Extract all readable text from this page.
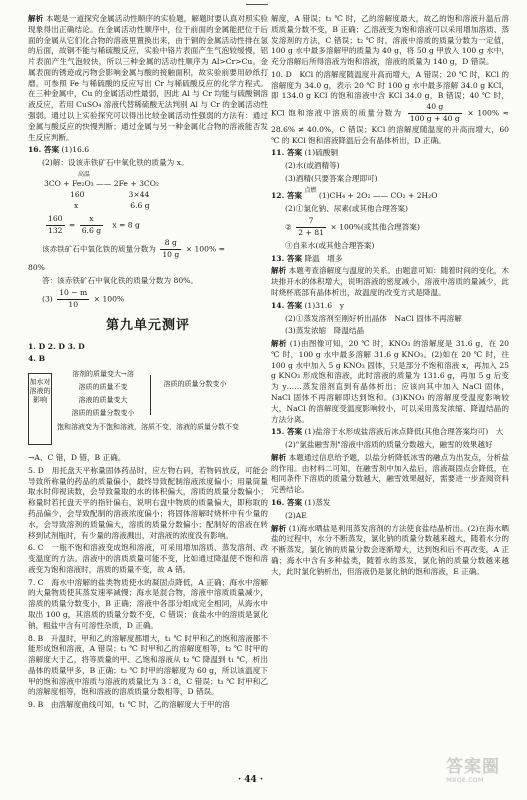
解析 本题是一道探究金属活动性顺序的实验题，解题时要认真对照实验现象得出正确结论。在金属活动性顺序中，位于前面的金属能把位于后面的金属从它们化合物的溶液里置换出来，由于铜的金属活动性排在氢的后面，故铜不能与稀硫酸反应，实验中铬片表面产生气泡较缓慢，铝片表面产生气泡较快，所以三种金属的活动性顺序为 Al>Cr>Cu。金属表面的锈迹或污物会影响金属与酸的接触面积，故实验前要用砂纸打磨。可参照 Fe 与稀硫酸的反应写出 Cr 与稀硫酸反应的化学方程式。在三种金属中，Cu 的金属活动性最弱，因此 Al 与 Cr 均能与硫酸铜溶液反应，若用 CuSO₄ 溶液代替稀硫酸无法判别 Al 与 Cr 的金属活动性强弱。通过以上实验探究可以得出比较金属活动性强弱的方法有：通过金属与酸反应的快慢判断；通过金属与另一种金属化合物的溶液能否发生反应判断。

16. 答案 (1)16.6

(2)解：设该赤铁矿石中氧化铁的质量为 x。

高温
3CO + Fe₂O₃ —— 2Fe + 3CO₂
160	3×44
x	6.6 g
$\frac{160}{132} = \frac{x}{6.6 g}$ x = 8 g

该赤铁矿石中氧化铁的质量分数为 $\frac{8 g}{10 g} \times 100\%$ =

80%

答：该赤铁矿石中氧化铁的质量分数为 80%。

$(3) \frac{10 - m}{10} \times 100\%$

第九单元测评

1. D 2. D 3. D

4. B

加水对溶液的影响
溶剂的质量变大→溶
溶质的质量不变
溶液的质量变大
溶质的质量分数变小
溶质的质量分数变小
饱和溶液变为不饱和溶液，溶质不变，溶液的质量分数不变

→A、C 错，D 错，B 正确。

5. D　用托盘天平称量固体药品时，应左物右码，若物码放反，可能会导致所称量的药品的质量偏小，最终导致配制溶液浓度偏小；用量筒量取水时仰视读数，会导致量取的水的体积偏大，溶质的质量分数偏小；称量时若托盘天平的指针偏右，说明右盘中物质的质量偏大，即称取的药品偏少，会导致配制的溶液浓度偏小；将固体溶解时烧杯中有少量的水，会导致溶剂的质量偏大，溶质的质量分数偏小；配制好的溶液在转移到试剂瓶时，有少量的溶液溅出，对溶液的浓度没有影响。

6. C　一瓶不饱和溶液变成饱和溶液，可采用增加溶质、蒸发溶剂、改变温度的方法。溶液中的溶质质量可能不变，比如通过降温使不饱和溶液变为饱和溶液时，溶质的质量不变，故 A 错。

7. C　海水中溶解的盐类物质使水的凝固点降低，A 正确；海水中溶解的大量物质使其蒸发速率减慢；海水是混合物，溶液中溶质质量减少，溶质的质量分数变小，B 正确；溶液中各部分组成完全相同，从海水中取出 100 g，其溶质的质量分数不变，C 错误；食盐水中的溶质是氯化钠，粗盐中含有可溶性杂质，D 正确。

8. B　升温时，甲和乙的溶解度都增大，t₁ ℃ 时甲和乙的饱和溶液都不能形成饱和溶液，A 错误；t₁ ℃ 时甲和乙的溶解度相等，t₂ ℃ 时甲的溶解度大于乙，将等质量的甲、乙饱和溶液从 t₂ ℃ 降温到 t₁ ℃，析出晶体的质量甲多，B 正确；t₂ ℃ 时甲的溶解度为 60 g，所以该温度下甲的饱和溶液中溶质与溶液的质量比为 3∶8，C 错误；t₁ ℃ 时甲和乙的溶解度相等，饱和溶液的溶质质量分数相等，D 错误。

9. B　由溶解度曲线可知，t₁ ℃ 时，乙的溶解度大于甲的溶

解度，A 错误；t₁ ℃ 时，乙的溶解度最大，故乙的饱和溶液升温后溶质质量分数不变，B 正确；乙溶液变为饱和溶液可以采用增加溶质、蒸发溶剂的方法，C 错误；t₂ ℃ 时，溶液中溶质的质量分数为一定值，100 g 水中最多溶解甲的质量为 40 g，将 50 g 甲放入 100 g 水中，充分溶解后所得溶液为饱和溶液，溶液的质量为 140 g，D 错误。

10. D　KCl 的溶解度随温度升高而增大，A 错误；20 ℃ 时，KCl 的溶解度为 34.0 g，表示 20 ℃ 时 100 g 水中最多溶解 34.0 g KCl，即 134.0 g KCl 的饱和溶液中含 KCl 34.0 g，B 错误；40 ℃ 时，KCl 饱和溶液中溶质的质量分数为 $\frac{40 g}{100 g + 40 g} \times 100\% \approx 28.6\% \ne 40.0\%$，C 错误；KCl 的溶解度随温度的升高而增大，60 ℃ 的 KCl 饱和溶液降温后会有晶体析出，D 正确。

11. 答案 (1)硫酸铜

(2)水(或酒精等)

(3)酒精(只要答案合理即可)

12. 答案 $^{点燃}$ (1)CH₄ + 2O₂ —— CO₂ + 2H₂O

(2)①氯化钠、尿素(或其他合理答案)

② $\frac{7}{2 + 81} \times 100\%$(或其他合理答案)

③自来水(或其他合理答案)

13. 答案 降温　增多

解析 本题考查溶解度与温度的关系。由题意可知：随着时间的变化，木块排开水的体积增大，说明溶液的密度减小，溶液中溶质的量减少，此时烧杯底部有晶体析出，故温度的改变方式是降温。

14. 答案 (1)31.6　y

(2)①蒸发溶剂至刚好析出晶体　NaCl 固体不再溶解

(3)蒸发浓缩　降温结晶

解析 (1)由图像可知，20 ℃ 时，KNO₃ 的溶解度是 31.6 g，在 20 ℃ 时，100 g 水中最多溶解 31.6 g KNO₃。(2)如在 20 ℃ 时，往 100 g 水中加入 5 g KNO₃ 固体，只是部分不饱和溶液 x，再加入 25 g KNO₃ 形成饱和溶液，此时溶液的质量为 131.6 g，再加 5 g 后变为 y……蒸发溶剂直到有晶体析出；应该向其中加入 NaCl 固体，NaCl 固体不再溶解即达到饱和。(3)KNO₃ 的溶解度受温度影响较大，NaCl 的溶解度受温度影响较小，可以采用蒸发浓缩、降温结晶的方法分离。

15. 答案 (1)盐溶于水形成盐溶液后冰点降低(其他合理答案均可)　大

(2)"氯盐融雪剂"溶液中溶质的质量分数越大，融雪的效果越好

解析 本题通过信息给予题，以盐分析降低冰雪的融点为出发点，分析盐的作用。由材料二可知，在融雪剂中加入盐后，溶液凝固点会降低，在相同条件下溶质的质量分数越大，融雪效果越好，需要进一步查阅资料完善结论。

16. 答案 (1)蒸发

(2)AE

解析 (1)海水晒盐是利用蒸发溶剂的方法使食盐结晶析出。(2)在海水晒盐的过程中，水分不断蒸发，氯化钠的质量分数越来越大，随着水分的不断蒸发，氯化钠的质量分数会逐渐增大，达到饱和后不再改变，A 正确；海水中含有多种盐类，随着水的蒸发，氯化钠的质量分数越来越大，此时氯化钠析出，但溶液仍是氯化钠的饱和溶液，E 正确。

· 44 ·
答案圈
MXQE.COM
